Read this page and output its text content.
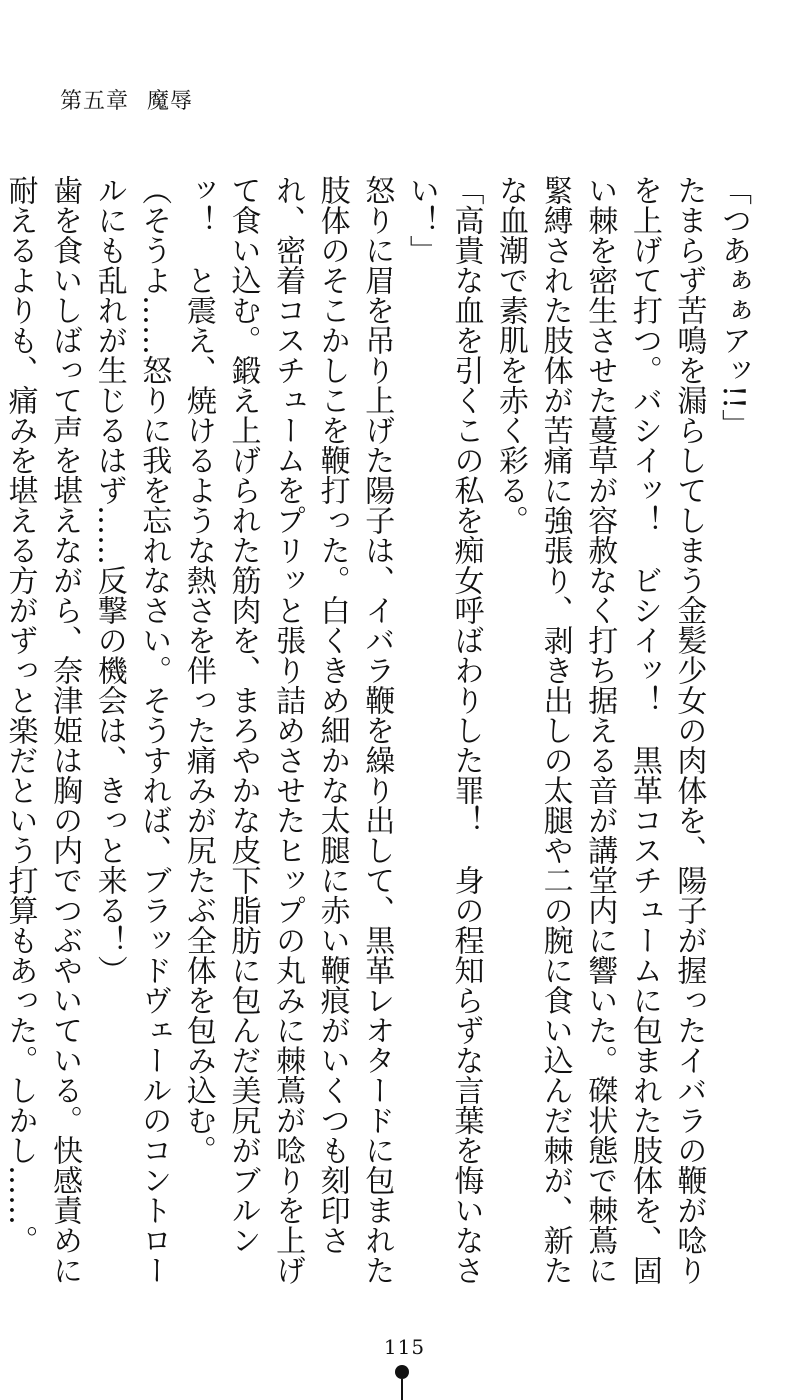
第五章 魔辱

「つあぁぁアッ!!」

たまらず苦鳴を漏らしてしまう金髪少女の肉体を、陽子が握ったイバラの鞭が唸りを上げて打つ。バシイッ！　ビシイッ！　黒革コスチュームに包まれた肢体を、固い棘を密生させた蔓草が容赦なく打ち据える音が講堂内に響いた。磔状態で棘蔦に緊縛された肢体が苦痛に強張り、剥き出しの太腿や二の腕に食い込んだ棘が、新たな血潮で素肌を赤く彩る。

「高貴な血を引くこの私を痴女呼ばわりした罪！　身の程知らずな言葉を悔いなさい！」

怒りに眉を吊り上げた陽子は、イバラ鞭を繰り出して、黒革レオタードに包まれた肢体のそこかしこを鞭打った。白くきめ細かな太腿に赤い鞭痕がいくつも刻印され、密着コスチュームをプリッと張り詰めさせたヒップの丸みに棘蔦が唸りを上げて食い込む。鍛え上げられた筋肉を、まろやかな皮下脂肪に包んだ美尻がブルンッ！　と震え、焼けるような熱さを伴った痛みが尻たぶ全体を包み込む。

（そうよ……怒りに我を忘れなさい。そうすれば、ブラッドヴェールのコントロールにも乱れが生じるはず……反撃の機会は、きっと来る！）

歯を食いしばって声を堪えながら、奈津姫は胸の内でつぶやいている。快感責めに耐えるよりも、痛みを堪える方がずっと楽だという打算もあった。しかし……。

115
